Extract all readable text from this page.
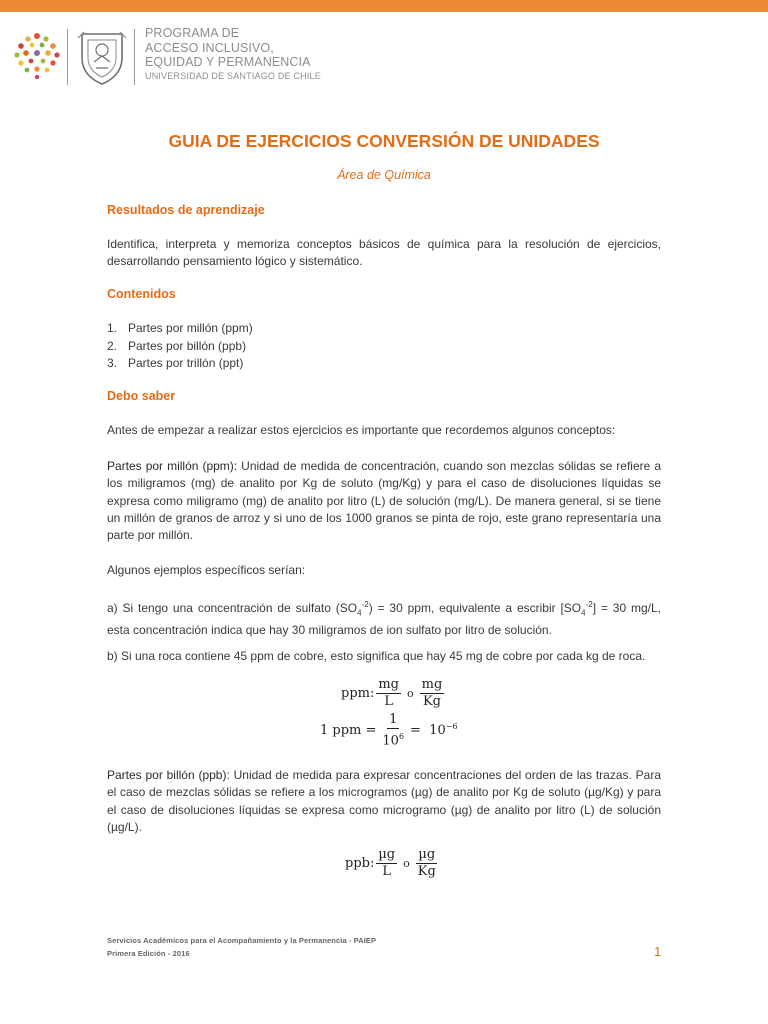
PROGRAMA DE
ACCESO INCLUSIVO,
EQUIDAD Y PERMANENCIA
UNIVERSIDAD DE SANTIAGO DE CHILE
GUIA DE EJERCICIOS CONVERSIÓN DE UNIDADES
Área de Química
Resultados de aprendizaje
Identifica, interpreta y memoriza conceptos básicos de química para la resolución de ejercicios, desarrollando pensamiento lógico y sistemático.
Contenidos
1. Partes por millón (ppm)
2. Partes por billón (ppb)
3. Partes por trillón (ppt)
Debo saber
Antes de empezar a realizar estos ejercicios es importante que recordemos algunos conceptos:
Partes por millón (ppm): Unidad de medida de concentración, cuando son mezclas sólidas se refiere a los miligramos (mg) de analito por Kg de soluto (mg/Kg) y para el caso de disoluciones líquidas se expresa como miligramo (mg) de analito por litro (L) de solución (mg/L). De manera general, si se tiene un millón de granos de arroz y si uno de los 1000 granos se pinta de rojo, este grano representaría una parte por millón.
Algunos ejemplos específicos serían:
a) Si tengo una concentración de sulfato $(SO_4^{-2}) = 30$ ppm, equivalente a escribir $[SO_4^{-2}] = 30$ mg/L, esta concentración indica que hay 30 miligramos de ion sulfato por litro de solución.
b) Si una roca contiene 45 ppm de cobre, esto significa que hay 45 mg de cobre por cada kg de roca.
ppm: $\frac{mg}{L}$ o $\frac{mg}{Kg}$
1 ppm = $\frac{1}{10^6} = 10^{-6}$
Partes por billón (ppb): Unidad de medida para expresar concentraciones del orden de las trazas. Para el caso de mezclas sólidas se refiere a los microgramos (µg) de analito por Kg de soluto (µg/Kg) y para el caso de disoluciones líquidas se expresa como microgramo (µg) de analito por litro (L) de solución (µg/L).
ppb: $\frac{\text{µg}}{L}$ o $\frac{\text{µg}}{Kg}$
Servicios Académicos para el Acompañamiento y la Permanencia - PAIEP
Primera Edición - 2016	1
